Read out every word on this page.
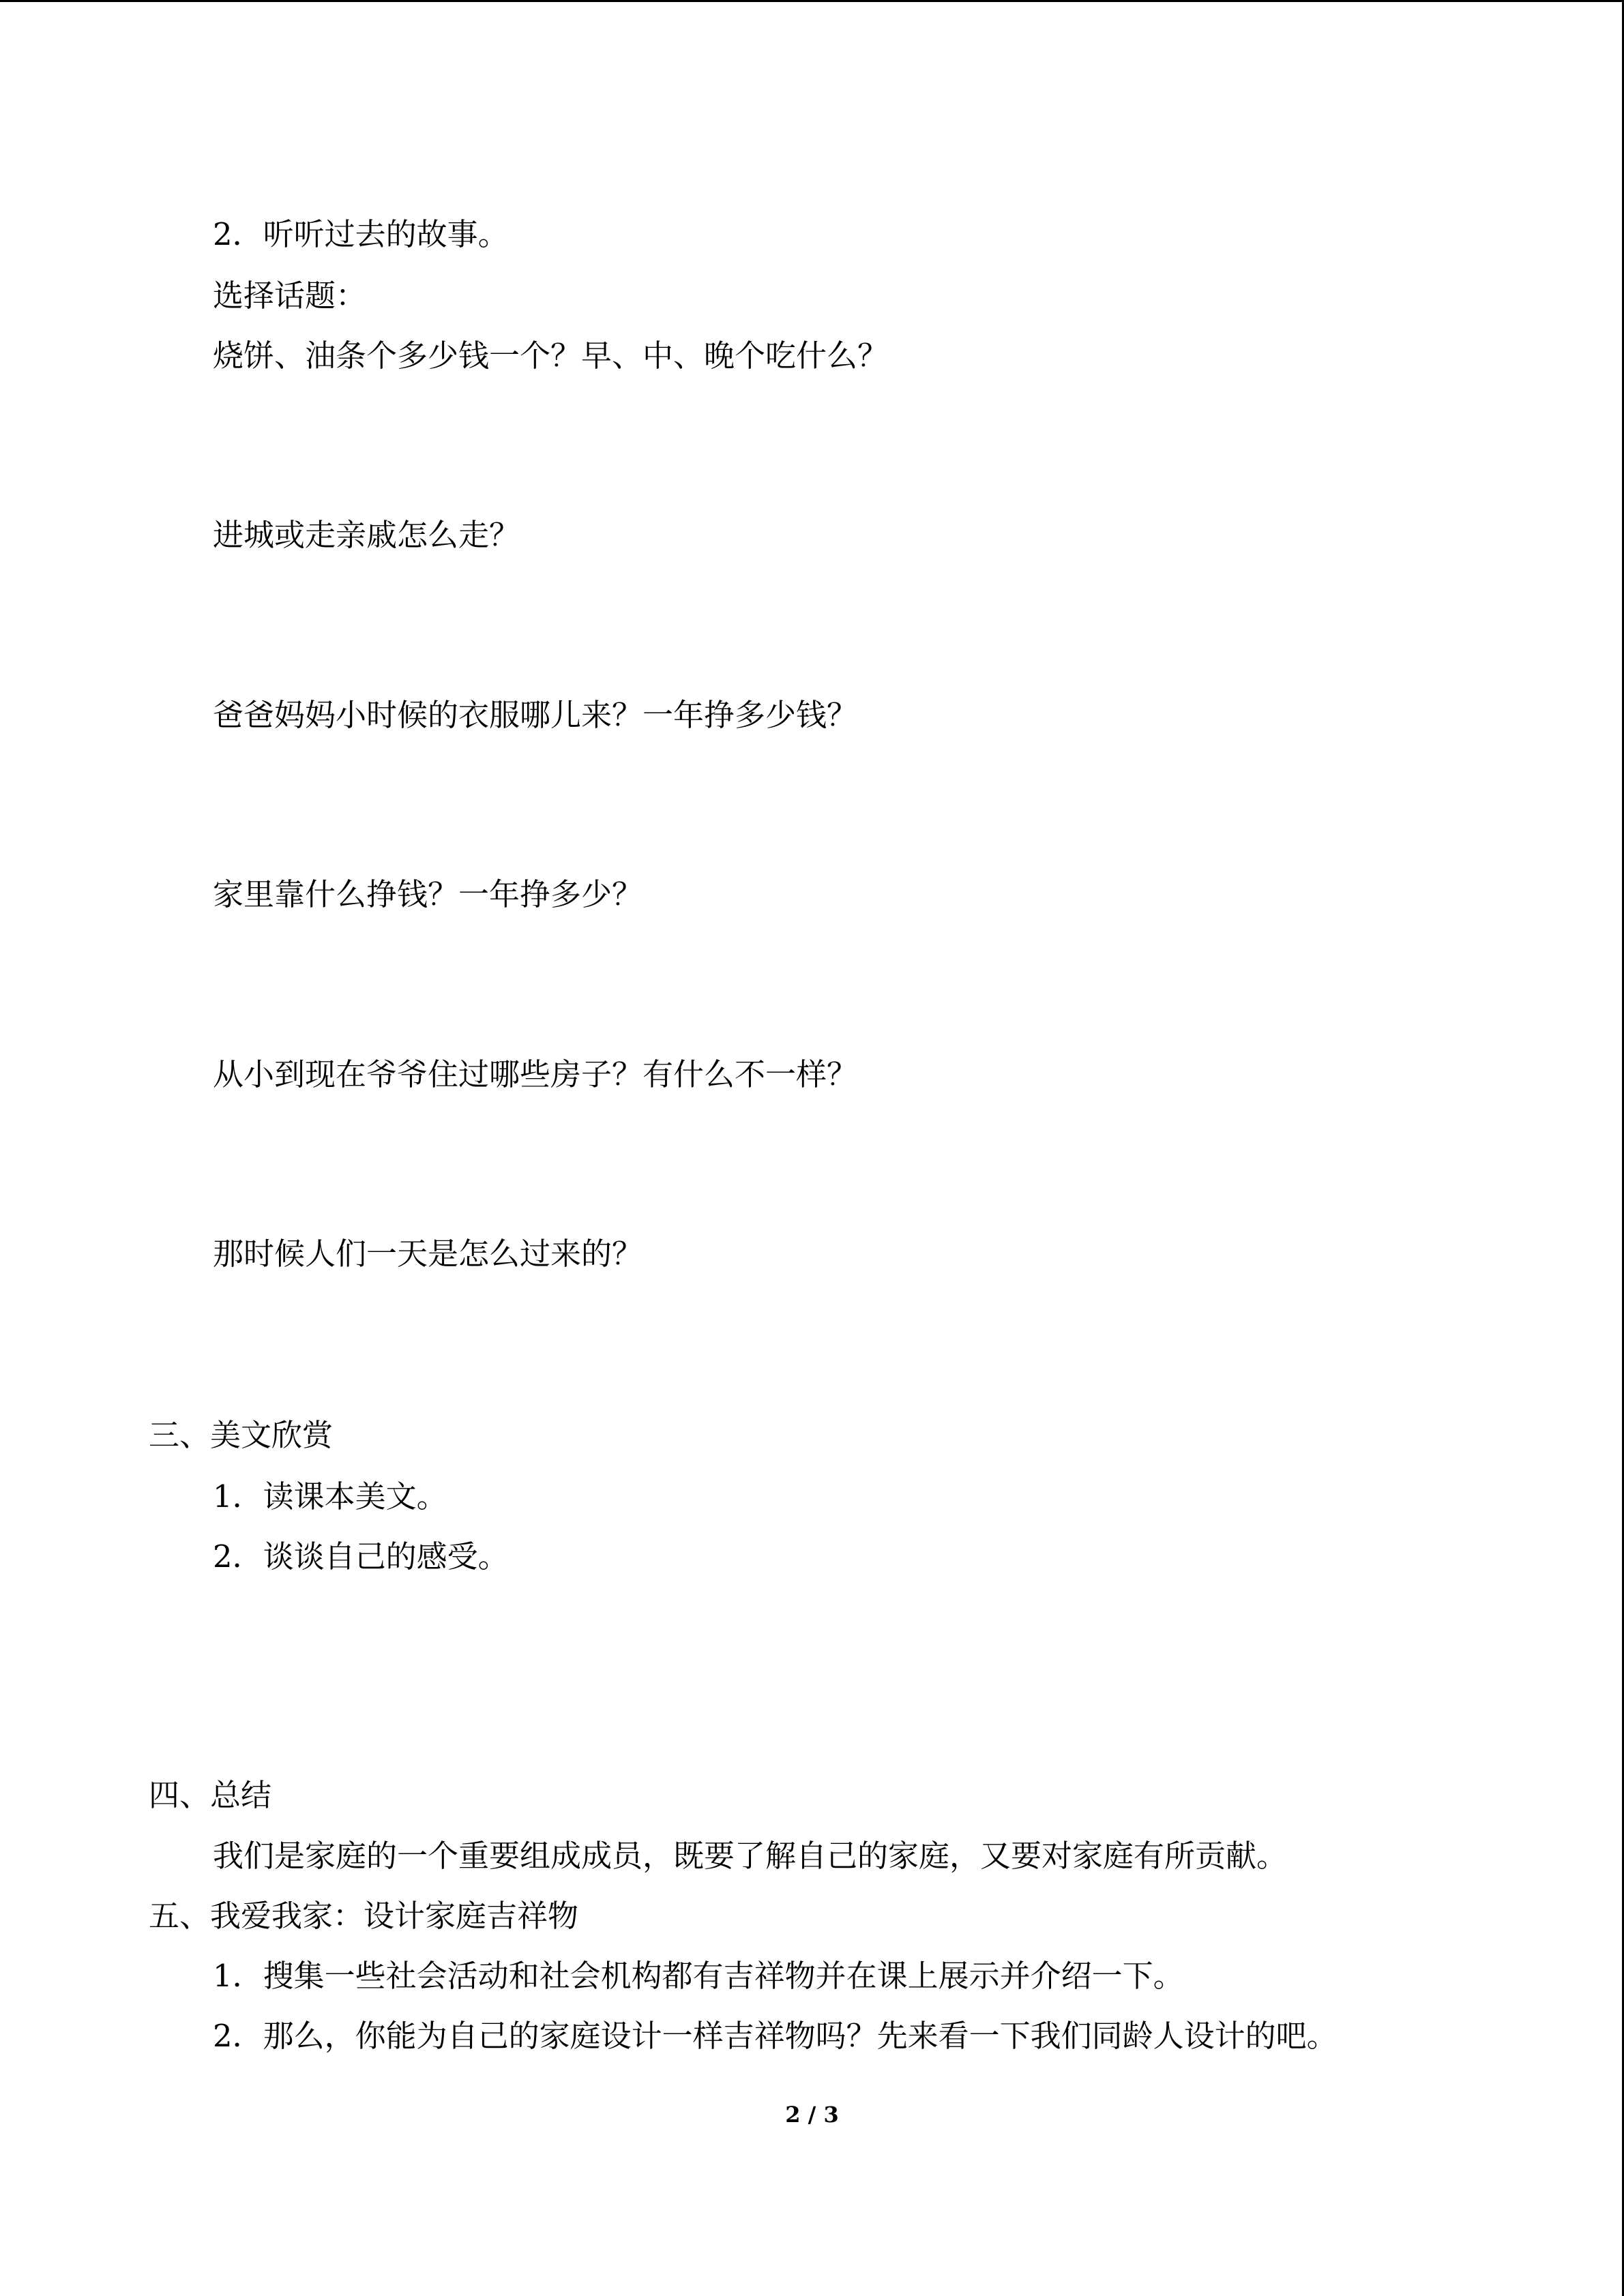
2．听听过去的故事。
选择话题：
烧饼、油条个多少钱一个？早、中、晚个吃什么？
进城或走亲戚怎么走？
爸爸妈妈小时候的衣服哪儿来？一年挣多少钱？
家里靠什么挣钱？一年挣多少？
从小到现在爷爷住过哪些房子？有什么不一样？
那时候人们一天是怎么过来的？
三、美文欣赏
1．读课本美文。
2．谈谈自己的感受。
四、总结
我们是家庭的一个重要组成成员，既要了解自己的家庭，又要对家庭有所贡献。
五、我爱我家：设计家庭吉祥物
1．搜集一些社会活动和社会机构都有吉祥物并在课上展示并介绍一下。
2．那么，你能为自己的家庭设计一样吉祥物吗？先来看一下我们同龄人设计的吧。
2 / 3
